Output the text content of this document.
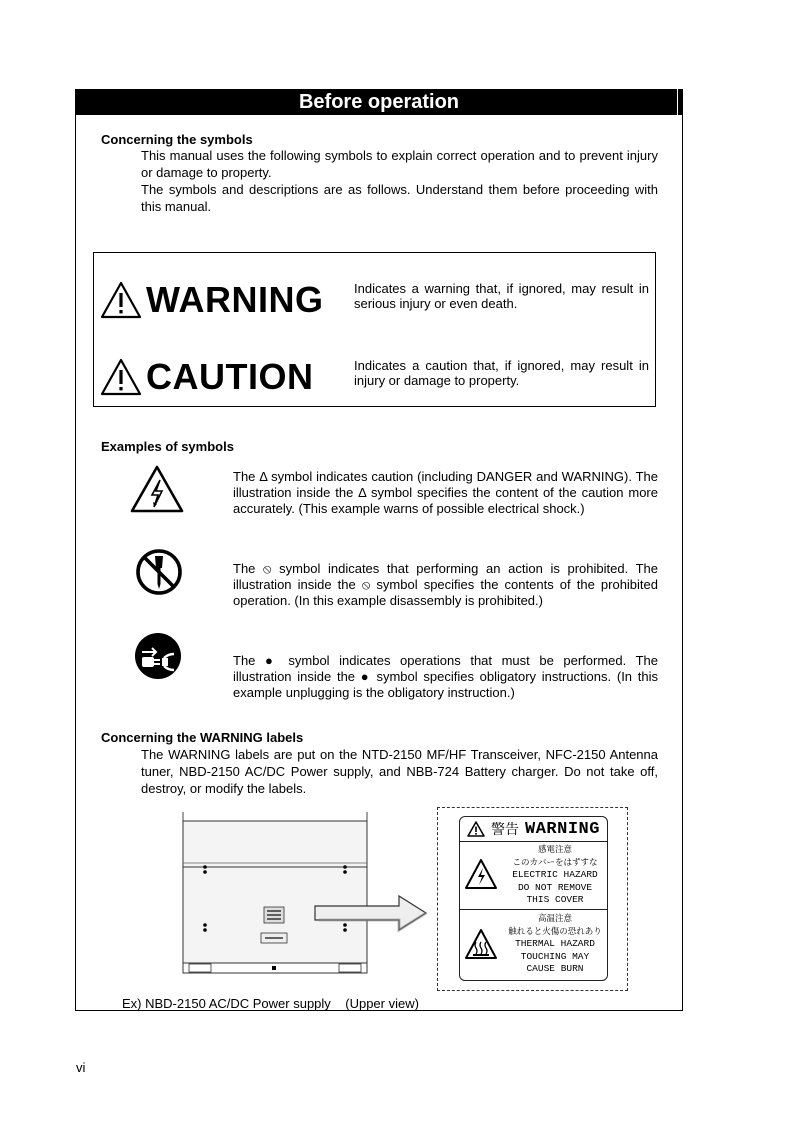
Before operation
Concerning the symbols

This manual uses the following symbols to explain correct operation and to prevent injury or damage to property.

The symbols and descriptions are as follows. Understand them before proceeding with this manual.

WARNING Indicates a warning that, if ignored, may result in serious injury or even death.
CAUTION	Indicates a caution that, if ignored, may result in injury or damage to property.
Examples of symbols
The Δ symbol indicates caution (including DANGER and WARNING). The illustration inside the Δ symbol specifies the content of the caution more accurately. (This example warns of possible electrical shock.)
The ⦸ symbol indicates that performing an action is prohibited. The illustration inside the ⦸ symbol specifies the contents of the prohibited operation. (In this example disassembly is prohibited.)
The ● symbol indicates operations that must be performed. The illustration inside the ● symbol specifies obligatory instructions. (In this example unplugging is the obligatory instruction.)
Concerning the WARNING labels

The WARNING labels are put on the NTD-2150 MF/HF Transceiver, NFC-2150 Antenna tuner, NBD-2150 AC/DC Power supply, and NBB-724 Battery charger. Do not take off, destroy, or modify the labels.

警告 WARNING
感電注意
このカバーをはずすな
ELECTRIC HAZARD
DO NOT REMOVE
THIS COVER
高温注意
触れると火傷の恐れあり
THERMAL HAZARD
TOUCHING MAY
CAUSE BURN
Ex) NBD-2150 AC/DC Power supply    (Upper view)
vi
